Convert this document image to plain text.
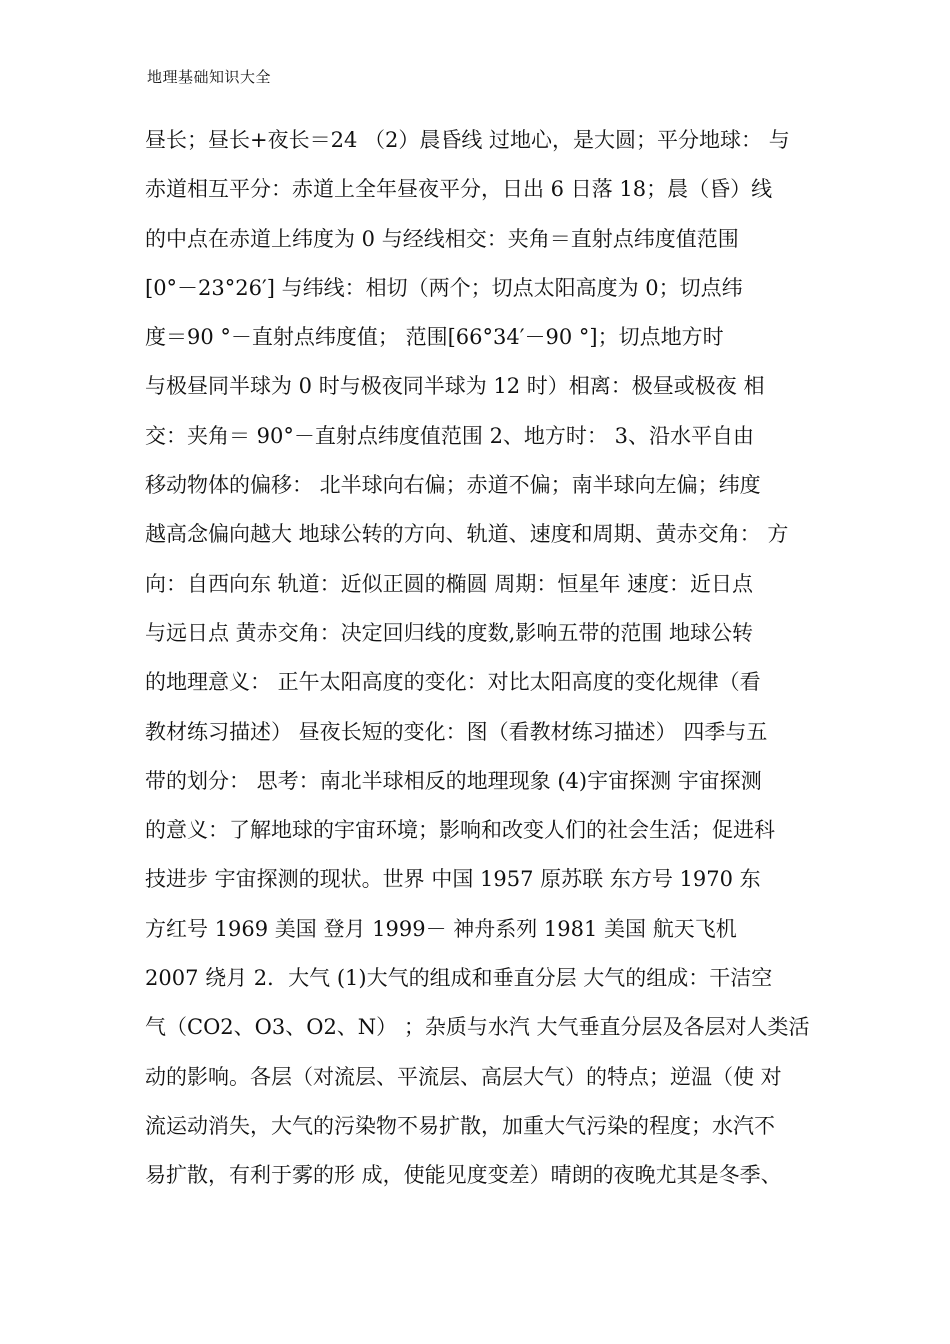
地理基础知识大全
昼长；昼长+夜长＝24 （2）晨昏线 过地心，是大圆；平分地球： 与
赤道相互平分：赤道上全年昼夜平分，日出 6 日落 18；晨（昏）线
的中点在赤道上纬度为 0 与经线相交：夹角＝直射点纬度值范围
[0°－23°26′] 与纬线：相切（两个；切点太阳高度为 0；切点纬
度＝90 °－直射点纬度值； 范围[66°34′－90 °]；切点地方时
与极昼同半球为 0 时与极夜同半球为 12 时）相离：极昼或极夜 相
交：夹角＝ 90°－直射点纬度值范围 2、地方时： 3、沿水平自由
移动物体的偏移： 北半球向右偏；赤道不偏；南半球向左偏；纬度
越高念偏向越大 地球公转的方向、轨道、速度和周期、黄赤交角： 方
向：自西向东 轨道：近似正圆的椭圆 周期：恒星年 速度：近日点
与远日点 黄赤交角：决定回归线的度数,影响五带的范围 地球公转
的地理意义： 正午太阳高度的变化：对比太阳高度的变化规律（看
教材练习描述） 昼夜长短的变化：图（看教材练习描述） 四季与五
带的划分： 思考：南北半球相反的地理现象 (4)宇宙探测 宇宙探测
的意义：了解地球的宇宙环境；影响和改变人们的社会生活；促进科
技进步 宇宙探测的现状。世界 中国 1957 原苏联 东方号 1970 东
方红号 1969 美国 登月 1999－ 神舟系列 1981 美国 航天飞机
2007 绕月 2．大气 (1)大气的组成和垂直分层 大气的组成：干洁空
气（CO2、O3、O2、N） ；杂质与水汽 大气垂直分层及各层对人类活
动的影响。各层（对流层、平流层、高层大气）的特点；逆温（使 对
流运动消失，大气的污染物不易扩散，加重大气污染的程度；水汽不
易扩散，有利于雾的形 成，使能见度变差）晴朗的夜晚尤其是冬季、
